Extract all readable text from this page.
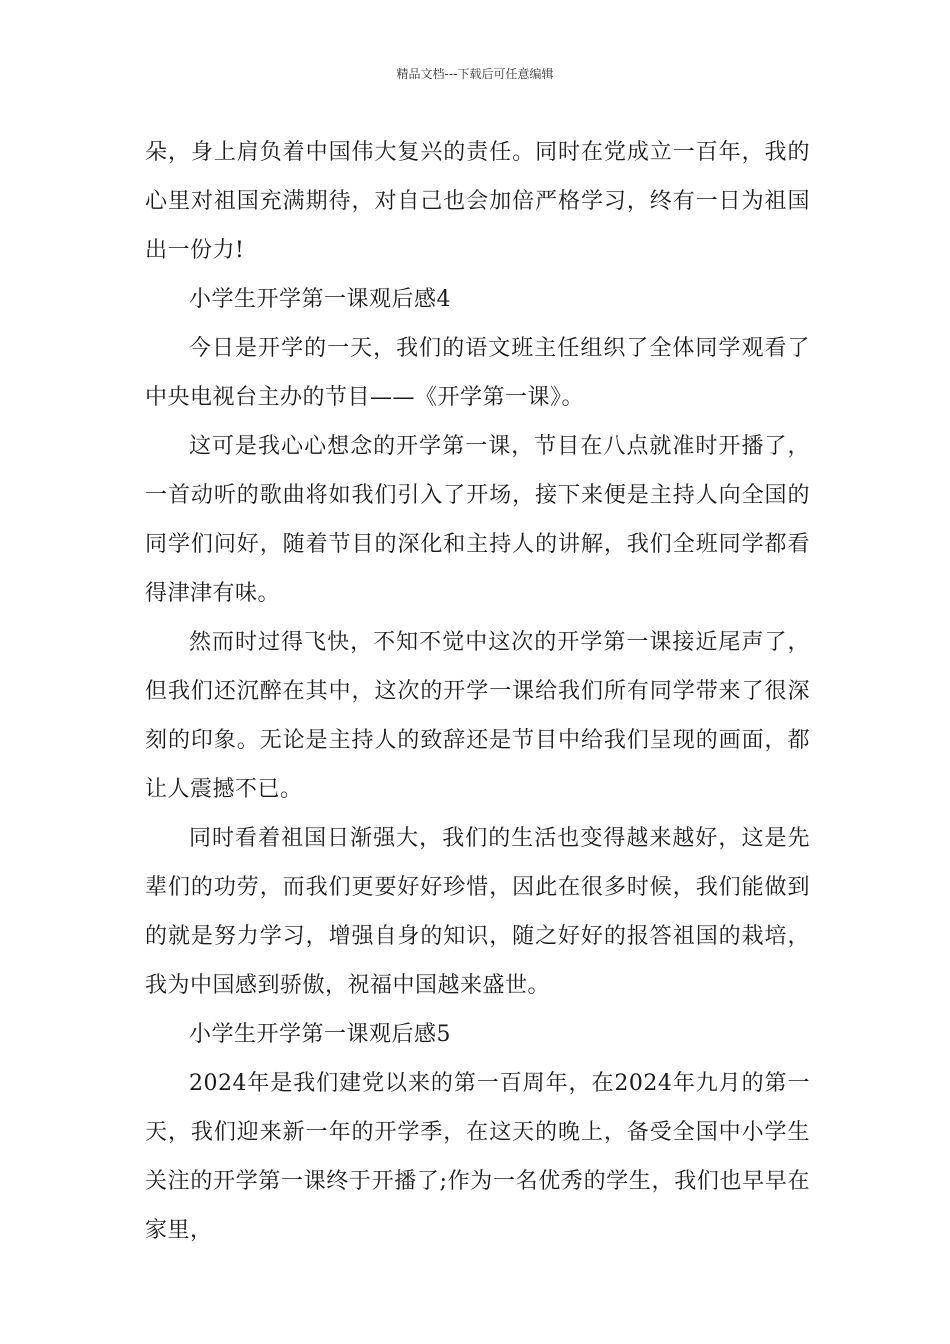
精品文档---下载后可任意编辑

朵，身上肩负着中国伟大复兴的责任。同时在党成立一百年，我的心里对祖国充满期待，对自己也会加倍严格学习，终有一日为祖国出一份力!

小学生开学第一课观后感4

今日是开学的一天，我们的语文班主任组织了全体同学观看了中央电视台主办的节目——《开学第一课》。

这可是我心心想念的开学第一课，节目在八点就准时开播了，一首动听的歌曲将如我们引入了开场，接下来便是主持人向全国的同学们问好，随着节目的深化和主持人的讲解，我们全班同学都看得津津有味。

然而时过得飞快，不知不觉中这次的开学第一课接近尾声了，但我们还沉醉在其中，这次的开学一课给我们所有同学带来了很深刻的印象。无论是主持人的致辞还是节目中给我们呈现的画面，都让人震撼不已。

同时看着祖国日渐强大，我们的生活也变得越来越好，这是先辈们的功劳，而我们更要好好珍惜，因此在很多时候，我们能做到的就是努力学习，增强自身的知识，随之好好的报答祖国的栽培，我为中国感到骄傲，祝福中国越来盛世。

小学生开学第一课观后感5

2024年是我们建党以来的第一百周年，在2024年九月的第一天，我们迎来新一年的开学季，在这天的晚上，备受全国中小学生关注的开学第一课终于开播了;作为一名优秀的学生，我们也早早在家里，
